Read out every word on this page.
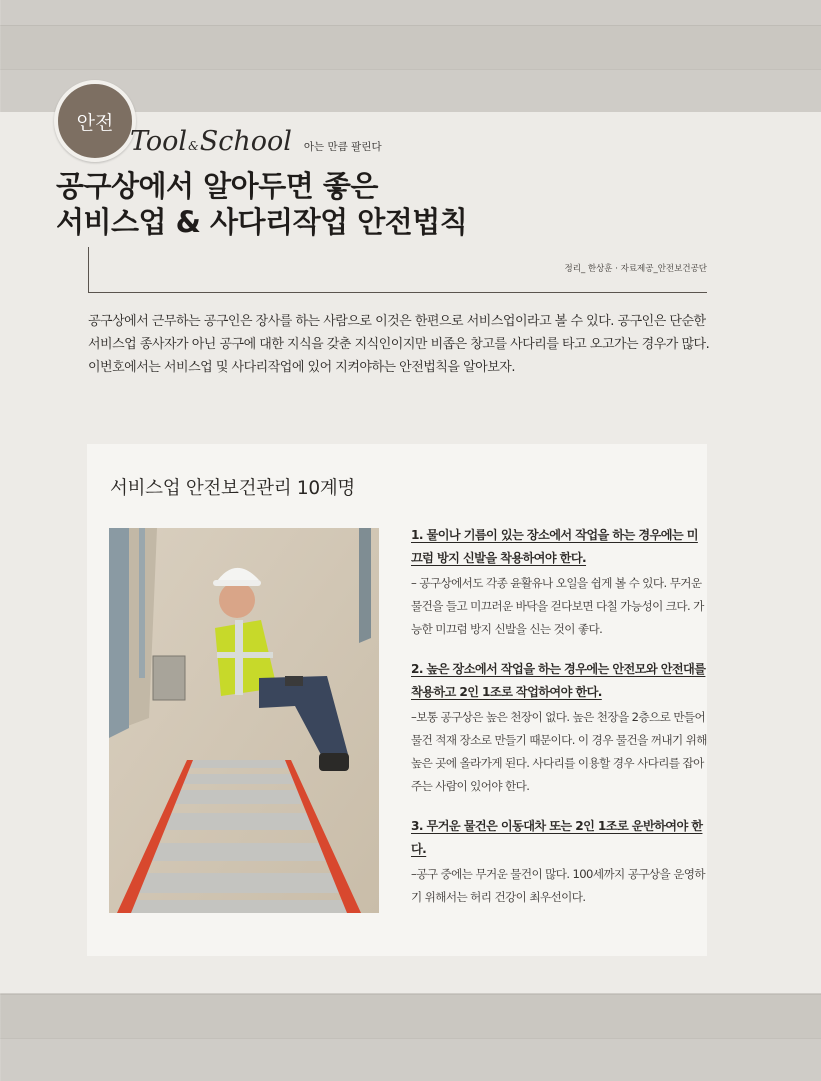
안전
Tool & School 아는 만큼 팔린다
공구상에서 알아두면 좋은
서비스업 & 사다리작업 안전법칙
정리_ 한상훈 · 자료제공_안전보건공단
공구상에서 근무하는 공구인은 장사를 하는 사람으로 이것은 한편으로 서비스업이라고 볼 수 있다. 공구인은 단순한 서비스업 종사자가 아닌 공구에 대한 지식을 갖춘 지식인이지만 비좁은 창고를 사다리를 타고 오고가는 경우가 많다. 이번호에서는 서비스업 및 사다리작업에 있어 지켜야하는 안전법칙을 알아보자.
서비스업 안전보건관리 10계명
1. 물이나 기름이 있는 장소에서 작업을 하는 경우에는 미끄럼 방지 신발을 착용하여야 한다.
– 공구상에서도 각종 윤활유나 오일을 쉽게 볼 수 있다. 무거운 물건을 들고 미끄러운 바닥을 걷다보면 다칠 가능성이 크다. 가능한 미끄럼 방지 신발을 신는 것이 좋다.
2. 높은 장소에서 작업을 하는 경우에는 안전모와 안전대를 착용하고 2인 1조로 작업하여야 한다.
–보통 공구상은 높은 천장이 없다. 높은 천장을 2층으로 만들어 물건 적재 장소로 만들기 때문이다. 이 경우 물건을 꺼내기 위해 높은 곳에 올라가게 된다. 사다리를 이용할 경우 사다리를 잡아주는 사람이 있어야 한다.
3. 무거운 물건은 이동대차 또는 2인 1조로 운반하여야 한다.
–공구 중에는 무거운 물건이 많다. 100세까지 공구상을 운영하기 위해서는 허리 건강이 최우선이다.
